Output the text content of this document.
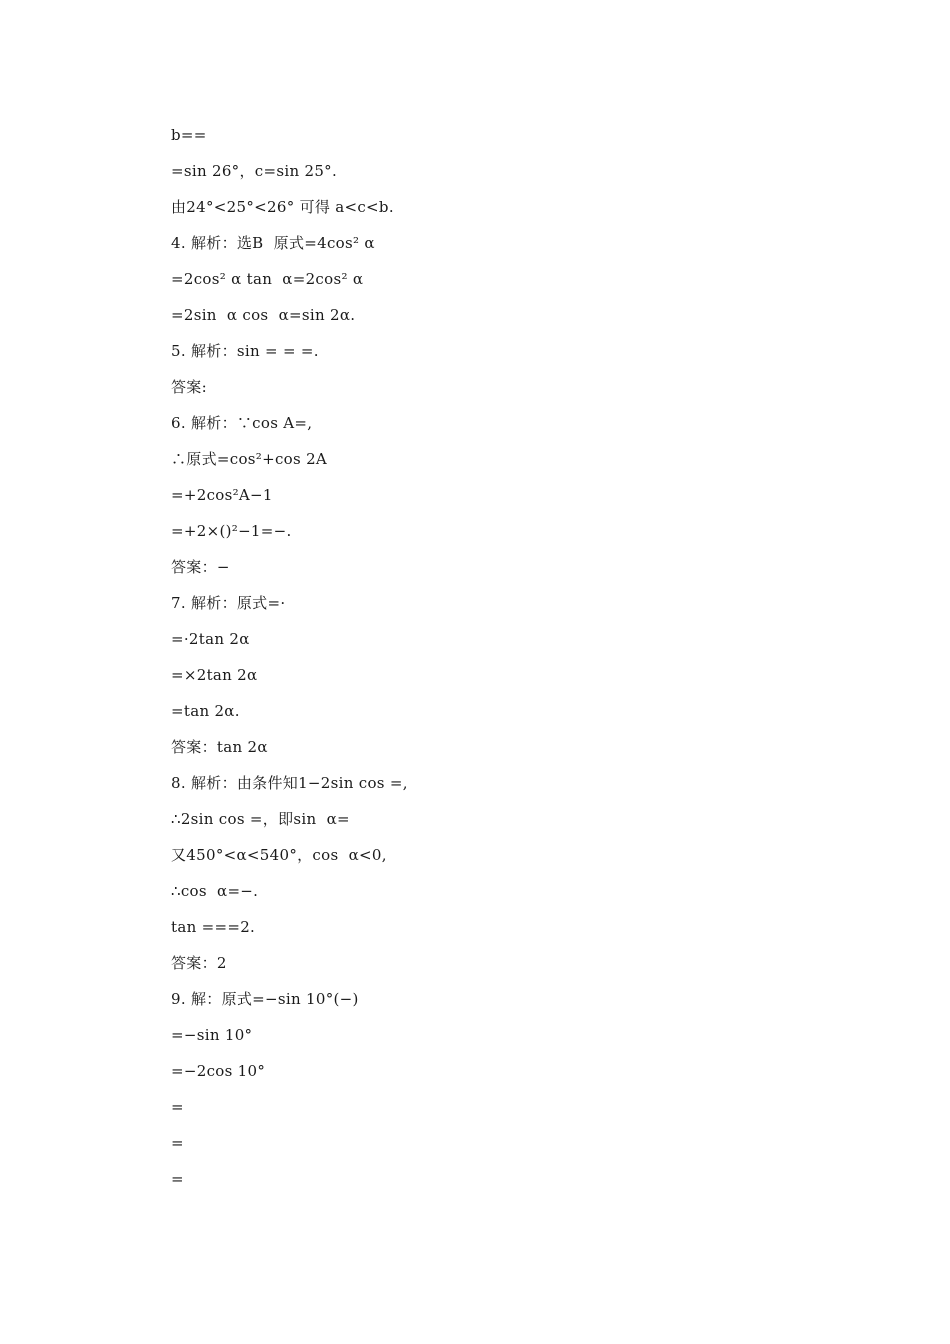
b==
=sin 26°，c=sin 25°.
由24°<25°<26° 可得 a<c<b.
4. 解析：选B  原式=4cos² α
=2cos² α tan  α=2cos² α
=2sin  α cos  α=sin 2α.
5. 解析：sin = = =.
答案:
6. 解析：∵cos A=,
∴原式=cos²+cos 2A
=+2cos²A−1
=+2×()²−1=−.
答案：−
7. 解析：原式=·
=·2tan 2α
=×2tan 2α
=tan 2α.
答案：tan 2α
8. 解析：由条件知1−2sin cos =,
∴2sin cos =，即sin  α=
又450°<α<540°，cos  α<0,
∴cos  α=−.
tan ===2.
答案：2
9. 解：原式=−sin 10°(−)
=−sin 10°
=−2cos 10°
=
=
=
